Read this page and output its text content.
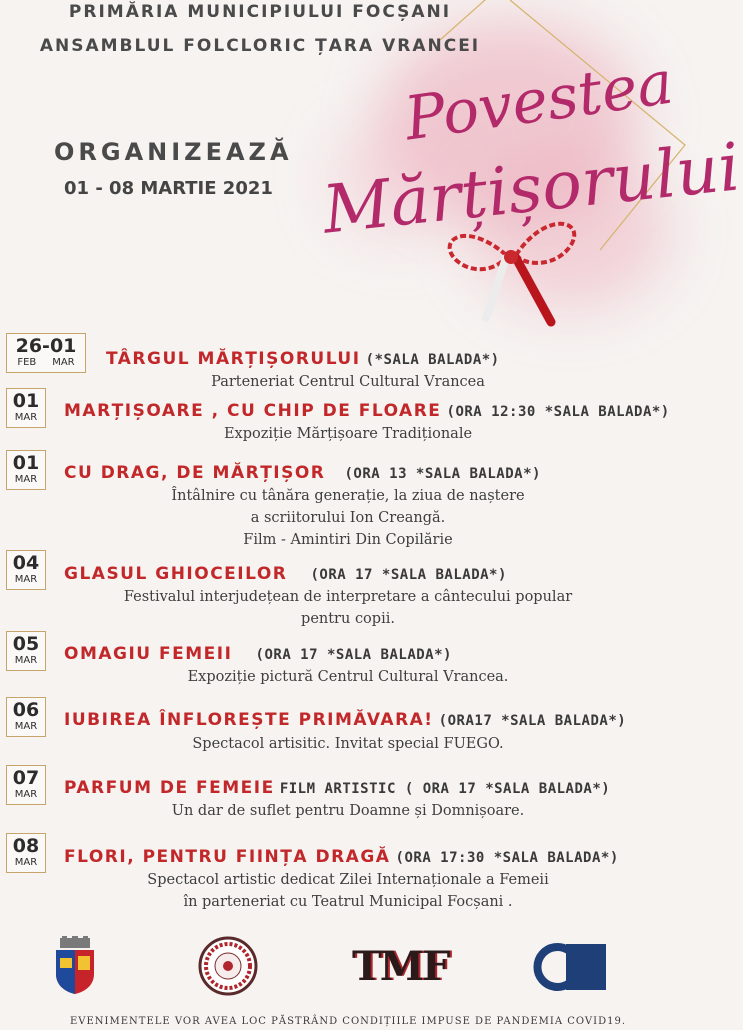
PRIMĂRIA MUNICIPIULUI FOCȘANI
ANSAMBLUL FOLCLORIC ȚARA VRANCEI
ORGANIZEAZĂ
01 - 08 MARTIE 2021
Povestea
Mărțișorului
26-01
FEB MAR	TÂRGUL MĂRȚIȘORULUI (*SALA BALADA*)
Parteneriat Centrul Cultural Vrancea
01
MAR	MARȚIȘOARE , CU CHIP DE FLOARE (ORA 12:30 *SALA BALADA*)
Expoziție Mărțișoare Tradiționale
01
MAR	CU DRAG, DE MĂRȚIȘOR (ORA 13 *SALA BALADA*)
Întâlnire cu tânăra generație, la ziua de naștere
a scriitorului Ion Creangă.
Film - Amintiri Din Copilărie
04
MAR	GLASUL GHIOCEILOR (ORA 17 *SALA BALADA*)
Festivalul interjudețean de interpretare a cântecului popular
pentru copii.
05
MAR	OMAGIU FEMEII (ORA 17 *SALA BALADA*)
Expoziție pictură Centrul Cultural Vrancea.
06
MAR	IUBIREA ÎNFLOREȘTE PRIMĂVARA! (ORA17 *SALA BALADA*)
Spectacol artisitic. Invitat special FUEGO.
07
MAR	PARFUM DE FEMEIE FILM ARTISTIC ( ORA 17 *SALA BALADA*)
Un dar de suflet pentru Doamne și Domnișoare.
08
MAR	FLORI, PENTRU FIINȚA DRAGĂ (ORA 17:30 *SALA BALADA*)
Spectacol artistic dedicat Zilei Internaționale a Femeii
în parteneriat cu Teatrul Municipal Focșani .
TMF
EVENIMENTELE VOR AVEA LOC PĂSTRÂND CONDIȚIILE IMPUSE DE PANDEMIA COVID19.
